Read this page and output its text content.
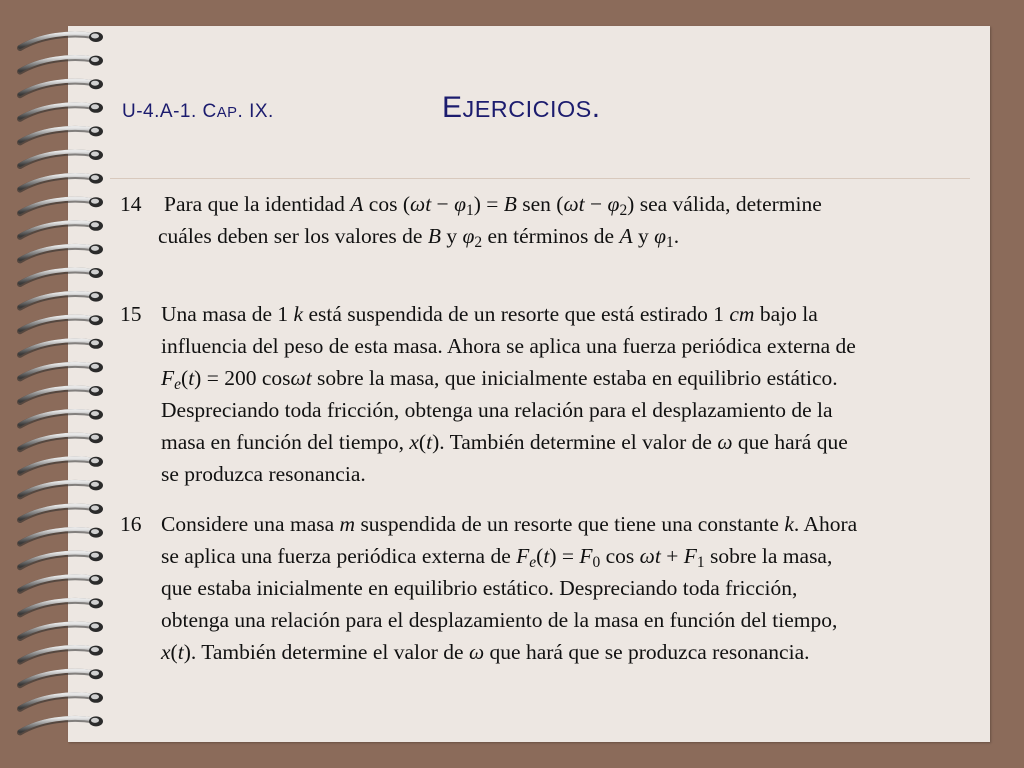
U-4.A-1. CAP. IX.	EJERCICIOS.
14 Para que la identidad A $\cos (\omega t - \varphi_1) = B$ sen $(\omega t - \varphi_2)$ sea válida, determine
cuáles deben ser los valores de B y $\varphi_2$ en términos de A y $\varphi_1$.
15 Una masa de 1 k está suspendida de un resorte que está estirado 1 cm bajo la
influencia del peso de esta masa. Ahora se aplica una fuerza periódica externa de
$F_e(t) = 200$ cosωt sobre la masa, que inicialmente estaba en equilibrio estático.
Despreciando toda fricción, obtenga una relación para el desplazamiento de la
masa en función del tiempo, x(t). También determine el valor de ω que hará que
se produzca resonancia.
16 Considere una masa m suspendida de un resorte que tiene una constante k. Ahora
se aplica una fuerza periódica externa de $F_e(t) = F_0$ $\cos \omega t + F_1$ sobre la masa,
que estaba inicialmente en equilibrio estático. Despreciando toda fricción,
obtenga una relación para el desplazamiento de la masa en función del tiempo,
x(t). También determine el valor de ω que hará que se produzca resonancia.
